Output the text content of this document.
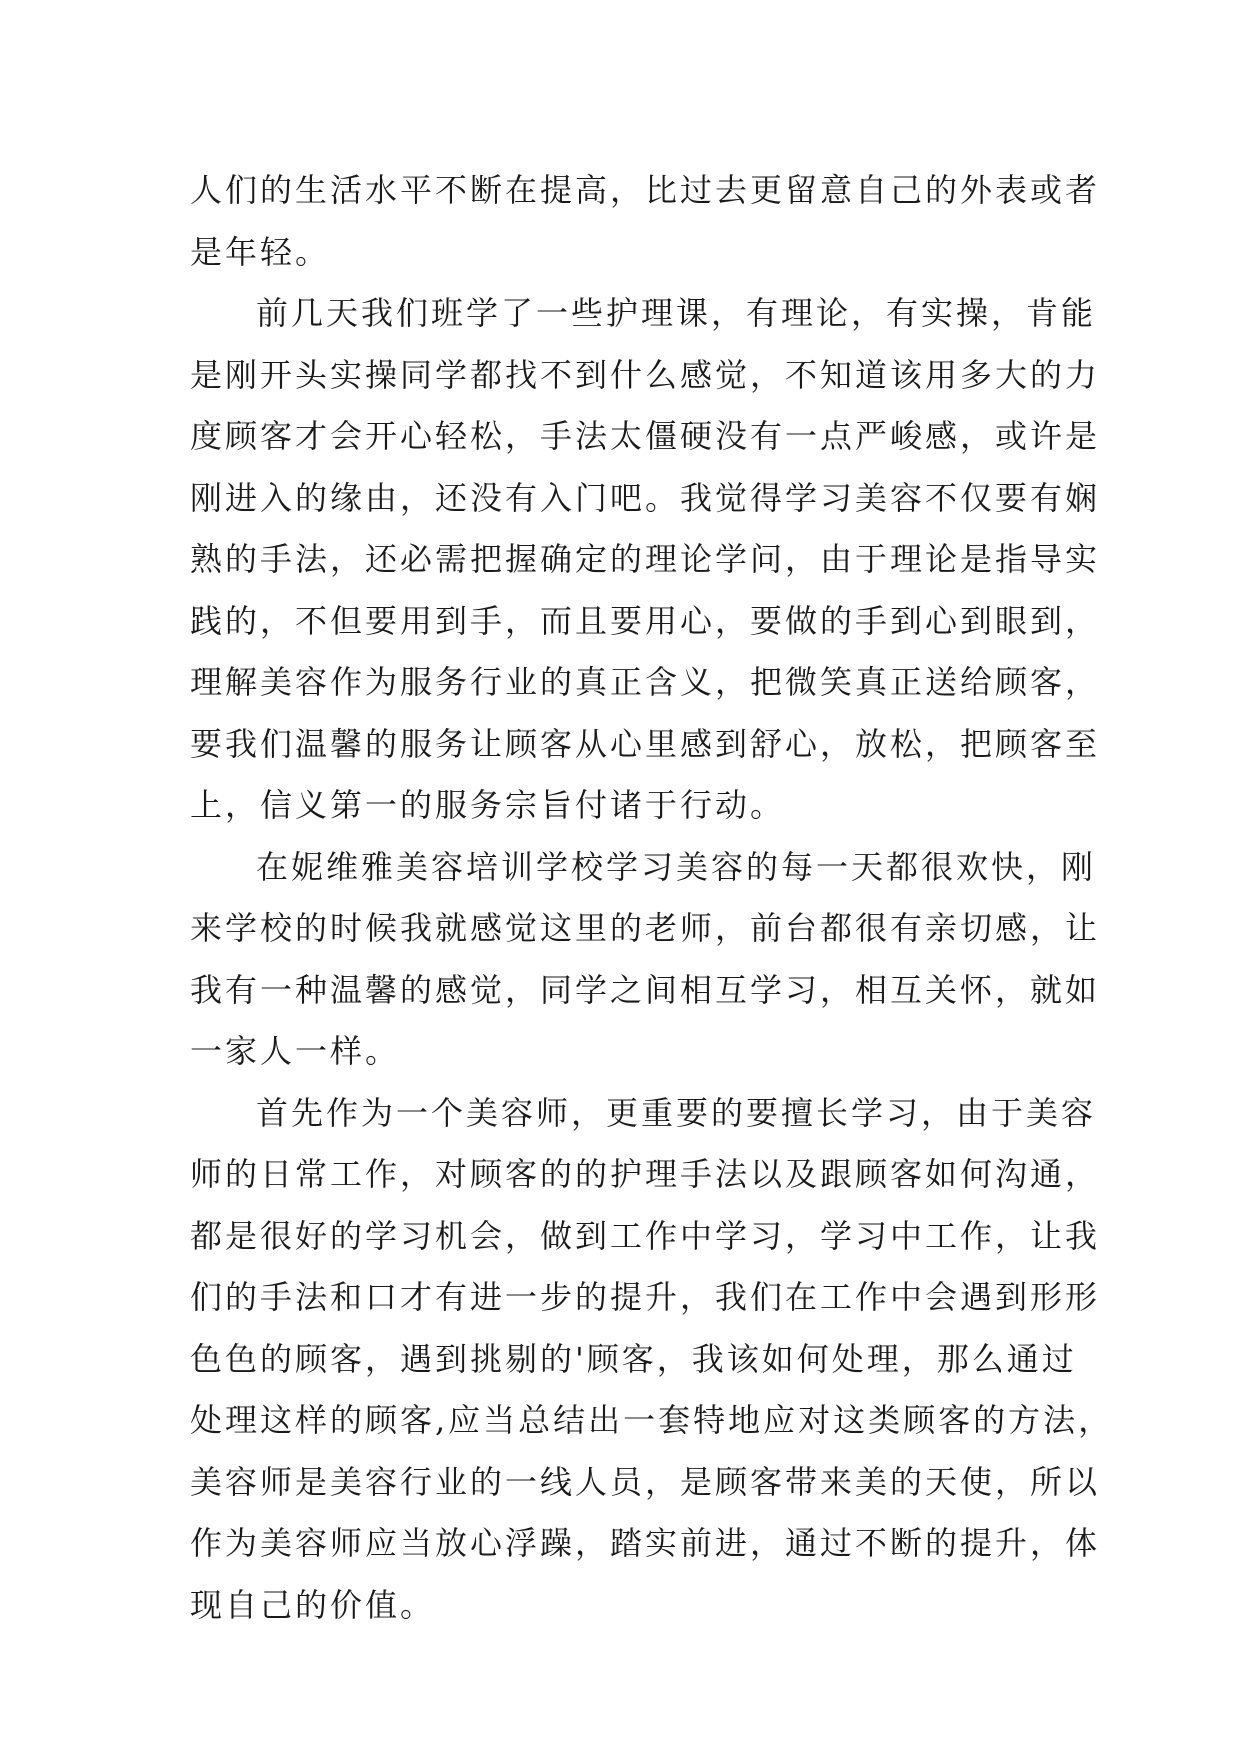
人们的生活水平不断在提高，比过去更留意自己的外表或者
是年轻。
前几天我们班学了一些护理课，有理论，有实操，肯能
是刚开头实操同学都找不到什么感觉，不知道该用多大的力
度顾客才会开心轻松，手法太僵硬没有一点严峻感，或许是
刚进入的缘由，还没有入门吧。我觉得学习美容不仅要有娴
熟的手法，还必需把握确定的理论学问，由于理论是指导实
践的，不但要用到手，而且要用心，要做的手到心到眼到，
理解美容作为服务行业的真正含义，把微笑真正送给顾客，
要我们温馨的服务让顾客从心里感到舒心，放松，把顾客至
上，信义第一的服务宗旨付诸于行动。
在妮维雅美容培训学校学习美容的每一天都很欢快，刚
来学校的时候我就感觉这里的老师，前台都很有亲切感，让
我有一种温馨的感觉，同学之间相互学习，相互关怀，就如
一家人一样。
首先作为一个美容师，更重要的要擅长学习，由于美容
师的日常工作，对顾客的的护理手法以及跟顾客如何沟通，
都是很好的学习机会，做到工作中学习，学习中工作，让我
们的手法和口才有进一步的提升，我们在工作中会遇到形形
色色的顾客，遇到挑剔的'顾客，我该如何处理，那么通过
处理这样的顾客,应当总结出一套特地应对这类顾客的方法，
美容师是美容行业的一线人员，是顾客带来美的天使，所以
作为美容师应当放心浮躁，踏实前进，通过不断的提升，体
现自己的价值。
